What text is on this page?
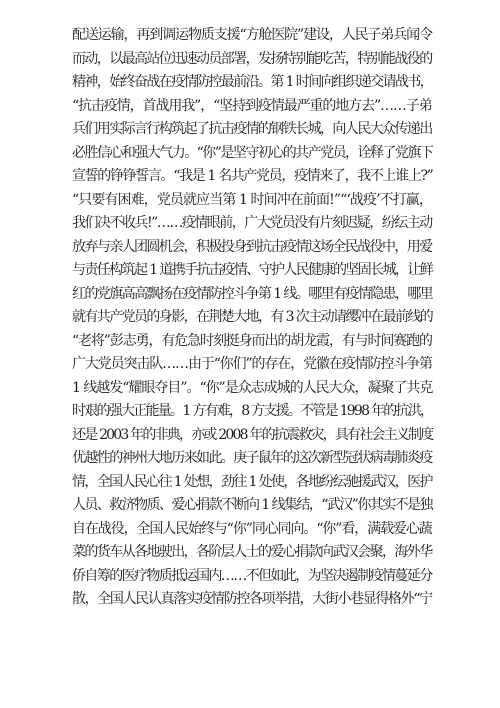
配送运输，再到调运物质支援“方舱医院”建设，人民子弟兵闻令
而动，以最高站位迅速动员部署，发扬特别能吃苦，特别能战役的
精神，始终奋战在疫情防控最前沿。第 1 时间向组织递交请战书，
“抗击疫情，首战用我”，“坚持到疫情最严重的地方去”……子弟
兵们用实际言行构筑起了抗击疫情的钢铁长城，向人民大众传递出
必胜信心和强大气力。“你”是坚守初心的共产党员，诠释了党旗下
宣誓的铮铮誓言。“我是 1 名共产党员，疫情来了，我不上谁上?”
“只要有困难，党员就应当第 1 时间冲在前面!”“‘战疫’不打赢，
我们决不收兵!”……疫情眼前，广大党员没有片刻迟疑，纷纭主动
放弃与亲人团圆机会，积极投身到抗击疫情这场全民战役中，用爱
与责任构筑起 1 道携手抗击疫情、守护人民健康的坚固长城，让鲜
红的党旗高高飘扬在疫情防控斗争第 1 线。哪里有疫情隐患，哪里
就有共产党员的身影，在荆楚大地，有 3 次主动请缨冲在最前线的
“老将”彭志勇，有危急时刻挺身而出的胡龙霞，有与时间赛跑的
广大党员突击队……由于“你们”的存在，党徽在疫情防控斗争第
1 线越发“耀眼夺目”。“你”是众志成城的人民大众，凝聚了共克
时艰的强大正能量。1 方有难，8 方支援。不管是 1998 年的抗洪，
还是 2003 年的非典，亦或 2008 年的抗震救灾，具有社会主义制度
优越性的神州大地历来如此。庚子鼠年的这次新型冠状病毒肺炎疫
情，全国人民心往 1 处想，劲往 1 处使，各地纷纭驰援武汉，医护
人员、救济物质、爱心捐款不断向 1 线集结，“武汉”你其实不是独
自在战役，全国人民始终与“你”同心同向。“你”看，满载爱心蔬
菜的货车从各地驶出，各阶层人士的爱心捐款向武汉会聚，海外华
侨自筹的医疗物质抵运国内……不但如此，为坚决遏制疫情蔓延分
散，全国人民认真落实疫情防控各项举措，大街小巷显得格外“宁
